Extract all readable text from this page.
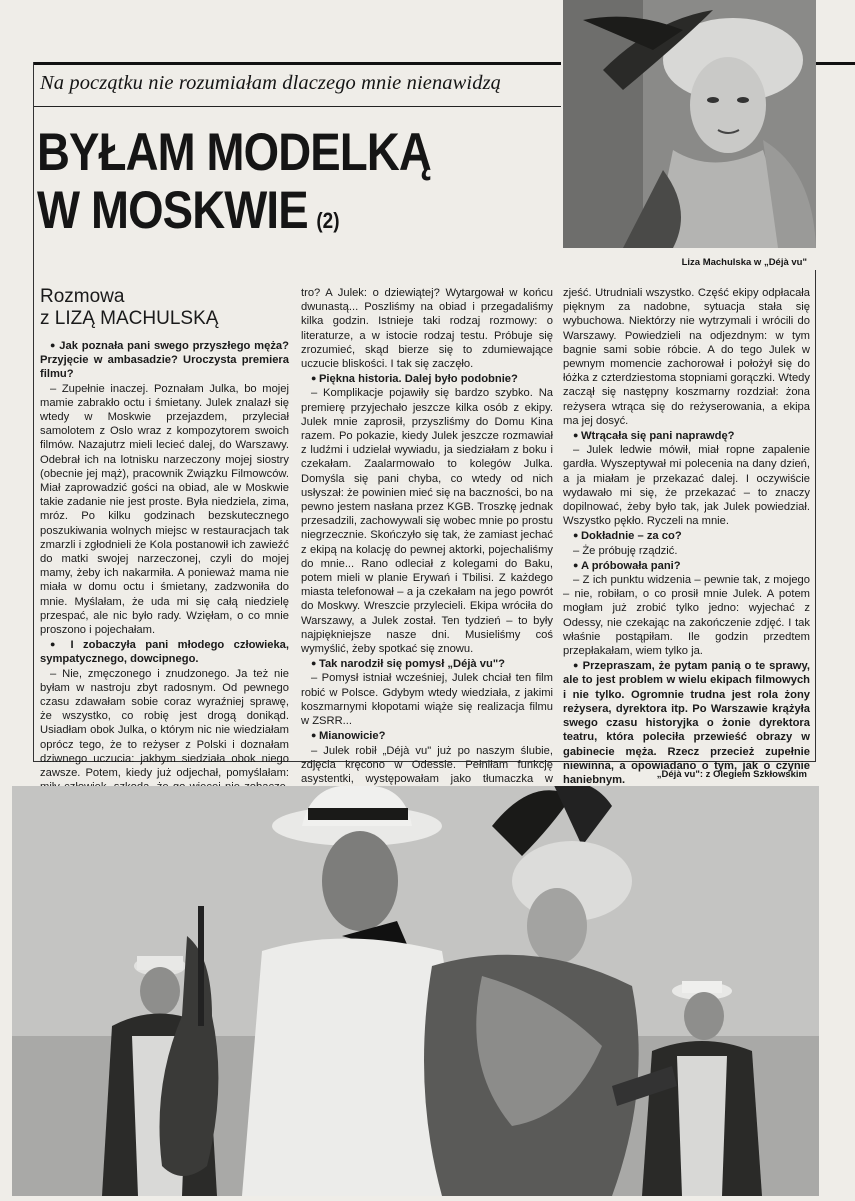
Na początku nie rozumiałam dlaczego mnie nienawidzą
BYŁAM MODELKĄ
W MOSKWIE (2)
Liza Machulska w „Déjà vu"
Rozmowa
z LIZĄ MACHULSKĄ

● Jak poznała pani swego przyszłego męża? Przyjęcie w ambasadzie? Uroczysta premiera filmu?

– Zupełnie inaczej. Poznałam Julka, bo mojej mamie zabrakło octu i śmietany. Julek znalazł się wtedy w Moskwie przejazdem, przyleciał samolotem z Oslo wraz z kompozytorem swoich filmów. Nazajutrz mieli lecieć dalej, do Warszawy. Odebrał ich na lotnisku narzeczony mojej siostry (obecnie jej mąż), pracownik Związku Filmowców. Miał zaprowadzić gości na obiad, ale w Moskwie takie zadanie nie jest proste. Była niedziela, zima, mróz. Po kilku godzinach bezskutecznego poszukiwania wolnych miejsc w restauracjach tak zmarzli i zgłodnieli że Kola postanowił ich zawieźć do matki swojej narzeczonej, czyli do mojej mamy, żeby ich nakarmiła. A ponieważ mama nie miała w domu octu i śmietany, zadzwoniła do mnie. Myślałam, że uda mi się całą niedzielę przespać, ale nic było rady. Wzięłam, o co mnie proszono i pojechałam.

● I zobaczyła pani młodego człowieka, sympatycznego, dowcipnego.

– Nie, zmęczonego i znudzonego. Ja też nie byłam w nastroju zbyt radosnym. Od pewnego czasu zdawałam sobie coraz wyraźniej sprawę, że wszystko, co robię jest drogą donikąd. Usiadłam obok Julka, o którym nic nie wiedziałam oprócz tego, że to reżyser z Polski i doznałam dziwnego uczucia: jakbym siedziała obok niego zawsze. Potem, kiedy już odjechał, pomyślałam:

tro? A Julek: o dziewiątej? Wytargował w końcu dwunastą... Poszliśmy na obiad i przegadaliśmy kilka godzin. Istnieje taki rodzaj rozmowy: o literaturze, a w istocie rodzaj testu. Próbuje się zrozumieć, skąd bierze się to zdumiewające uczucie bliskości. I tak się zaczęło.

● Piękna historia. Dalej było podobnie?

– Komplikacje pojawiły się bardzo szybko. Na premierę przyjechało jeszcze kilka osób z ekipy. Julek mnie zaprosił, przyszliśmy do Domu Kina razem. Po pokazie, kiedy Julek jeszcze rozmawiał z ludźmi i udzielał wywiadu, ja siedziałam z boku i czekałam. Zaalarmowało to kolegów Julka. Domyśla się pani chyba, co wtedy od nich usłyszał: że powinien mieć się na baczności, bo na pewno jestem nasłana przez KGB. Troszkę jednak przesadzili, zachowywali się wobec mnie po prostu niegrzecznie. Skończyło się tak, że zamiast jechać z ekipą na kolację do pewnej aktorki, pojechaliśmy do mnie... Rano odleciał z kolegami do Baku, potem mieli w planie Erywań i Tbilisi. Z każdego miasta telefonował – a ja czekałam na jego powrót do Moskwy. Wreszcie przylecieli. Ekipa wróciła do Warszawy, a Julek został. Ten tydzień – to były najpiękniejsze nasze dni. Musieliśmy coś wymyślić, żeby spotkać się znowu.

● Tak narodził się pomysł „Déjà vu"?

– Pomysł istniał wcześniej, Julek chciał ten film robić w Polsce. Gdybym wtedy wiedziała, z jakimi koszmarnymi kłopotami wiąże się realizacja filmu w ZSRR...

● Mianowicie?

– Julek robił „Déjà vu" już po naszym ślubie, zdjęcia kręcono w Odessie. Pełniłam funkcję asystentki, występowałam jako tłumaczka w

zjeść. Utrudniali wszystko. Część ekipy odpłacała pięknym za nadobne, sytuacja stała się wybuchowa. Niektórzy nie wytrzymali i wrócili do Warszawy. Powiedzieli na odjezdnym: w tym bagnie sami sobie róbcie. A do tego Julek w pewnym momencie zachorował i położył się do łóżka z czterdziestoma stopniami gorączki. Wtedy zaczął się następny koszmarny rozdział: żona reżysera wtrąca się do reżyserowania, a ekipa ma jej dosyć.

● Wtrącała się pani naprawdę?

– Julek ledwie mówił, miał ropne zapalenie gardła. Wyszeptywał mi polecenia na dany dzień, a ja miałam je przekazać dalej. I oczywiście wydawało mi się, że przekazać – to znaczy dopilnować, żeby było tak, jak Julek powiedział. Wszystko pękło. Ryczeli na mnie.

● Dokładnie – za co?

– Że próbuję rządzić.

● A próbowała pani?

– Z ich punktu widzenia – pewnie tak, z mojego – nie, robiłam, o co prosił mnie Julek. A potem mogłam już zrobić tylko jedno: wyjechać z Odessy, nie czekając na zakończenie zdjęć. I tak właśnie postąpiłam. Ile godzin przedtem przepłakałam, wiem tylko ja.

● Przepraszam, że pytam panią o te sprawy, ale to jest problem w wielu ekipach filmowych i nie tylko. Ogromnie trudna jest rola żony reżysera, dyrektora itp. Po Warszawie krążyła swego czasu historyjka o żonie dyrektora teatru, która poleciła przewieść obrazy w gabinecie męża. Rzecz przecież zupełnie niewinna, a opowiadano o tym, jak o czynie haniebnym.	„Déjà vu": z Olegiem Szkłowskim
